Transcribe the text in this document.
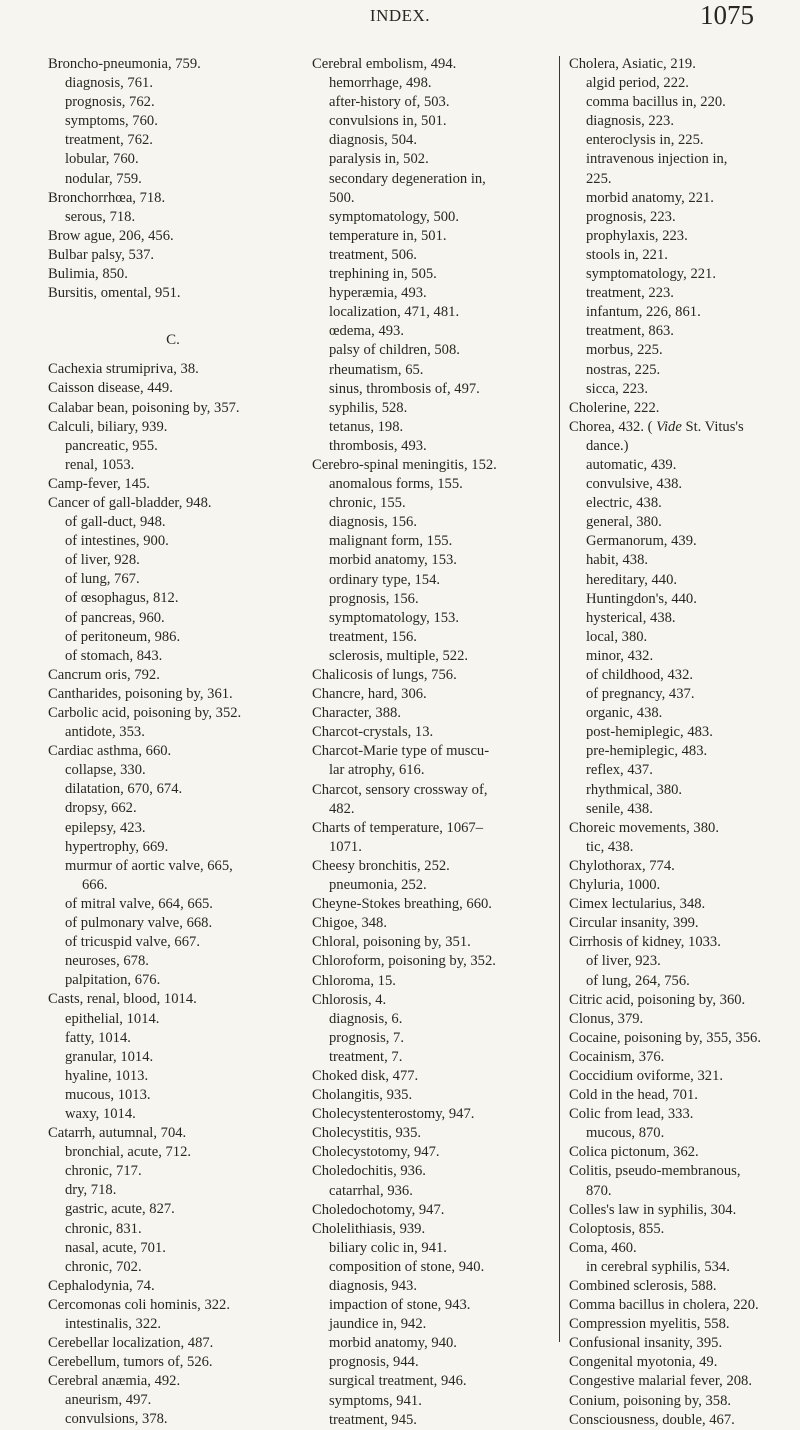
INDEX.	1075
Broncho-pneumonia, 759.
diagnosis, 761.
prognosis, 762.
symptoms, 760.
treatment, 762.
lobular, 760.
nodular, 759.
Bronchorrhœa, 718.
serous, 718.
Brow ague, 206, 456.
Bulbar palsy, 537.
Bulimia, 850.
Bursitis, omental, 951.
C.
Cachexia strumipriva, 38.
Caisson disease, 449.
Calabar bean, poisoning by, 357.
Calculi, biliary, 939.
pancreatic, 955.
renal, 1053.
Camp-fever, 145.
Cancer of gall-bladder, 948.
of gall-duct, 948.
of intestines, 900.
of liver, 928.
of lung, 767.
of œsophagus, 812.
of pancreas, 960.
of peritoneum, 986.
of stomach, 843.
Cancrum oris, 792.
Cantharides, poisoning by, 361.
Carbolic acid, poisoning by, 352.
antidote, 353.
Cardiac asthma, 660.
collapse, 330.
dilatation, 670, 674.
dropsy, 662.
epilepsy, 423.
hypertrophy, 669.
murmur of aortic valve, 665,
666.
of mitral valve, 664, 665.
of pulmonary valve, 668.
of tricuspid valve, 667.
neuroses, 678.
palpitation, 676.
Casts, renal, blood, 1014.
epithelial, 1014.
fatty, 1014.
granular, 1014.
hyaline, 1013.
mucous, 1013.
waxy, 1014.
Catarrh, autumnal, 704.
bronchial, acute, 712.
chronic, 717.
dry, 718.
gastric, acute, 827.
chronic, 831.
nasal, acute, 701.
chronic, 702.
Cephalodynia, 74.
Cercomonas coli hominis, 322.
intestinalis, 322.
Cerebellar localization, 487.
Cerebellum, tumors of, 526.
Cerebral anæmia, 492.
aneurism, 497.
convulsions, 378.
Cerebral embolism, 494.
hemorrhage, 498.
after-history of, 503.
convulsions in, 501.
diagnosis, 504.
paralysis in, 502.
secondary degeneration in,
500.
symptomatology, 500.
temperature in, 501.
treatment, 506.
trephining in, 505.
hyperæmia, 493.
localization, 471, 481.
œdema, 493.
palsy of children, 508.
rheumatism, 65.
sinus, thrombosis of, 497.
syphilis, 528.
tetanus, 198.
thrombosis, 493.
Cerebro-spinal meningitis, 152.
anomalous forms, 155.
chronic, 155.
diagnosis, 156.
malignant form, 155.
morbid anatomy, 153.
ordinary type, 154.
prognosis, 156.
symptomatology, 153.
treatment, 156.
sclerosis, multiple, 522.
Chalicosis of lungs, 756.
Chancre, hard, 306.
Character, 388.
Charcot-crystals, 13.
Charcot-Marie type of muscu-
lar atrophy, 616.
Charcot, sensory crossway of,
482.
Charts of temperature, 1067–
1071.
Cheesy bronchitis, 252.
pneumonia, 252.
Cheyne-Stokes breathing, 660.
Chigoe, 348.
Chloral, poisoning by, 351.
Chloroform, poisoning by, 352.
Chloroma, 15.
Chlorosis, 4.
diagnosis, 6.
prognosis, 7.
treatment, 7.
Choked disk, 477.
Cholangitis, 935.
Cholecystenterostomy, 947.
Cholecystitis, 935.
Cholecystotomy, 947.
Choledochitis, 936.
catarrhal, 936.
Choledochotomy, 947.
Cholelithiasis, 939.
biliary colic in, 941.
composition of stone, 940.
diagnosis, 943.
impaction of stone, 943.
jaundice in, 942.
morbid anatomy, 940.
prognosis, 944.
surgical treatment, 946.
symptoms, 941.
treatment, 945.
Cholera, Asiatic, 219.
algid period, 222.
comma bacillus in, 220.
diagnosis, 223.
enteroclysis in, 225.
intravenous injection in,
225.
morbid anatomy, 221.
prognosis, 223.
prophylaxis, 223.
stools in, 221.
symptomatology, 221.
treatment, 223.
infantum, 226, 861.
treatment, 863.
morbus, 225.
nostras, 225.
sicca, 223.
Cholerine, 222.
Chorea, 432. ( Vide St. Vitus's
dance.)
automatic, 439.
convulsive, 438.
electric, 438.
general, 380.
Germanorum, 439.
habit, 438.
hereditary, 440.
Huntingdon's, 440.
hysterical, 438.
local, 380.
minor, 432.
of childhood, 432.
of pregnancy, 437.
organic, 438.
post-hemiplegic, 483.
pre-hemiplegic, 483.
reflex, 437.
rhythmical, 380.
senile, 438.
Choreic movements, 380.
tic, 438.
Chylothorax, 774.
Chyluria, 1000.
Cimex lectularius, 348.
Circular insanity, 399.
Cirrhosis of kidney, 1033.
of liver, 923.
of lung, 264, 756.
Citric acid, poisoning by, 360.
Clonus, 379.
Cocaine, poisoning by, 355, 356.
Cocainism, 376.
Coccidium oviforme, 321.
Cold in the head, 701.
Colic from lead, 333.
mucous, 870.
Colica pictonum, 362.
Colitis, pseudo-membranous,
870.
Colles's law in syphilis, 304.
Coloptosis, 855.
Coma, 460.
in cerebral syphilis, 534.
Combined sclerosis, 588.
Comma bacillus in cholera, 220.
Compression myelitis, 558.
Confusional insanity, 395.
Congenital myotonia, 49.
Congestive malarial fever, 208.
Conium, poisoning by, 358.
Consciousness, double, 467.
